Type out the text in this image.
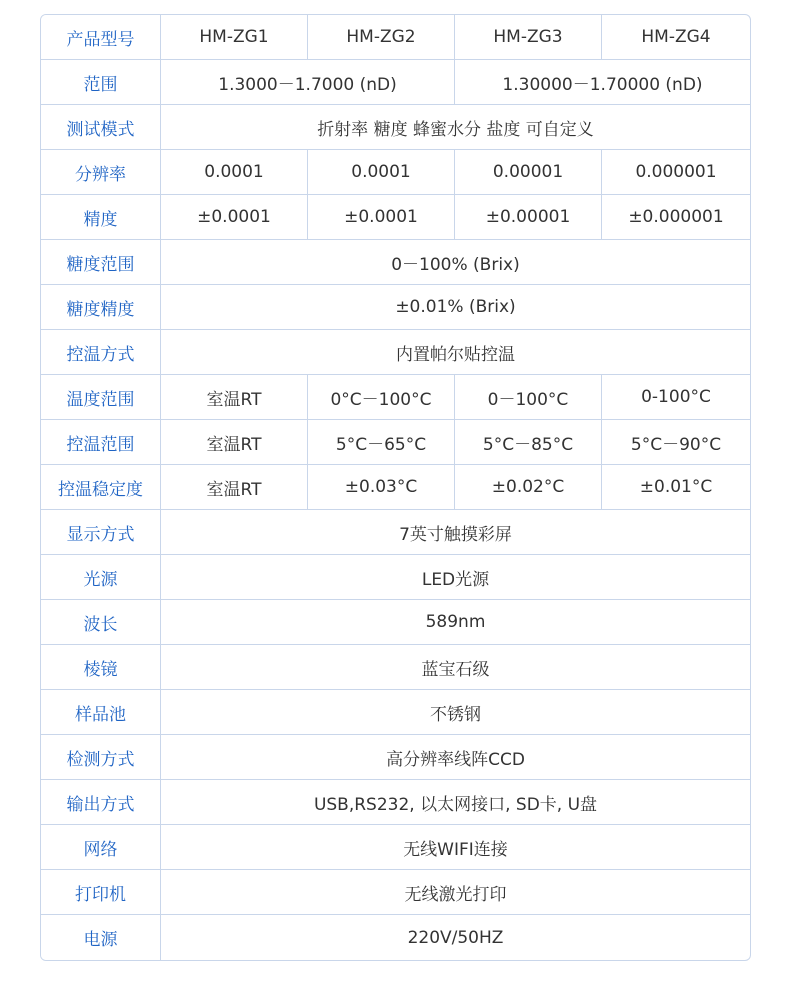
产品型号	HM-ZG1	HM-ZG2	HM-ZG3	HM-ZG4
范围	1.3000－1.7000 (nD)		1.30000－1.70000 (nD)	
测试模式	折射率 糖度 蜂蜜水分 盐度 可自定义			
分辨率	0.0001	0.0001	0.00001	0.000001
精度	±0.0001	±0.0001	±0.00001	±0.000001
糖度范围	0－100% (Brix)			
糖度精度	±0.01% (Brix)			
控温方式	内置帕尔贴控温			
温度范围	室温RT	0°C－100°C	0－100°C	0-100°C
控温范围	室温RT	5°C－65°C	5°C－85°C	5°C－90°C
控温稳定度	室温RT	±0.03°C	±0.02°C	±0.01°C
显示方式	7英寸触摸彩屏			
光源	LED光源			
波长	589nm			
棱镜	蓝宝石级			
样品池	不锈钢			
检测方式	高分辨率线阵CCD			
输出方式	USB,RS232, 以太网接口, SD卡, U盘			
网络	无线WIFI连接			
打印机	无线激光打印			
电源	220V/50HZ			
